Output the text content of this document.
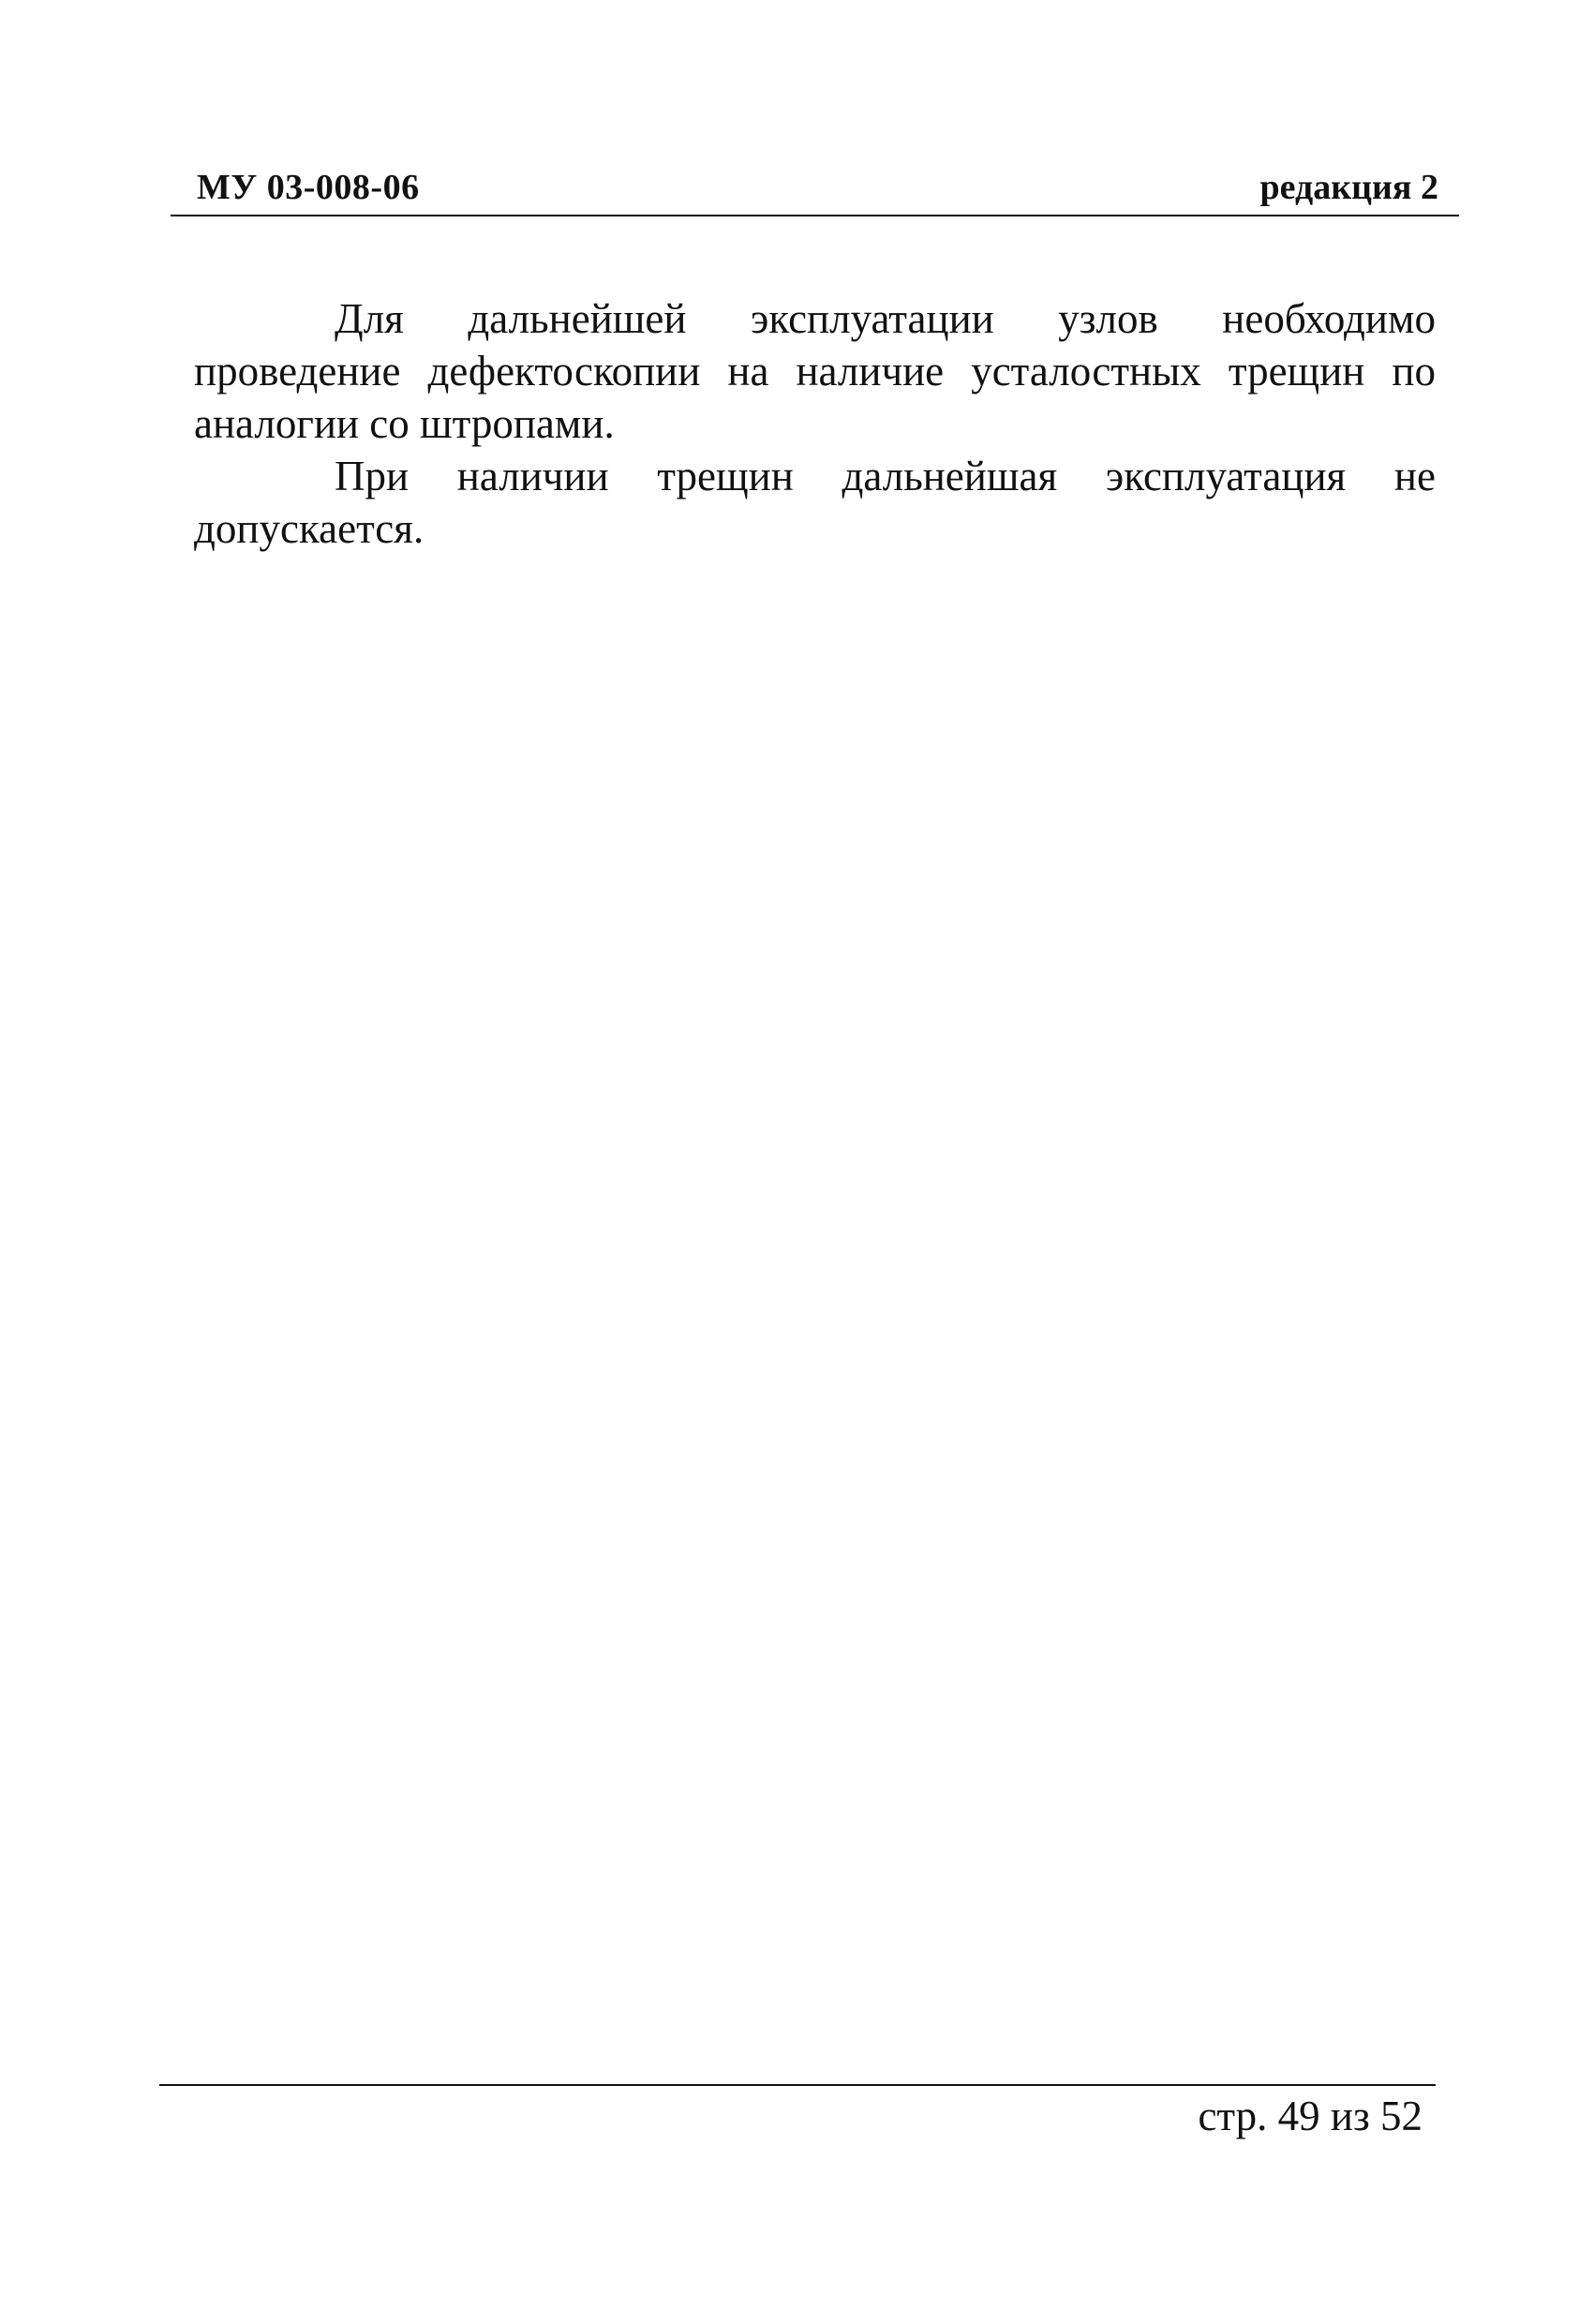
МУ 03-008-06	редакция 2

Для дальнейшей эксплуатации узлов необходимо проведение дефектоскопии на наличие усталостных трещин по аналогии со штропами.

При наличии трещин дальнейшая эксплуатация не допускается.

стр. 49 из 52
